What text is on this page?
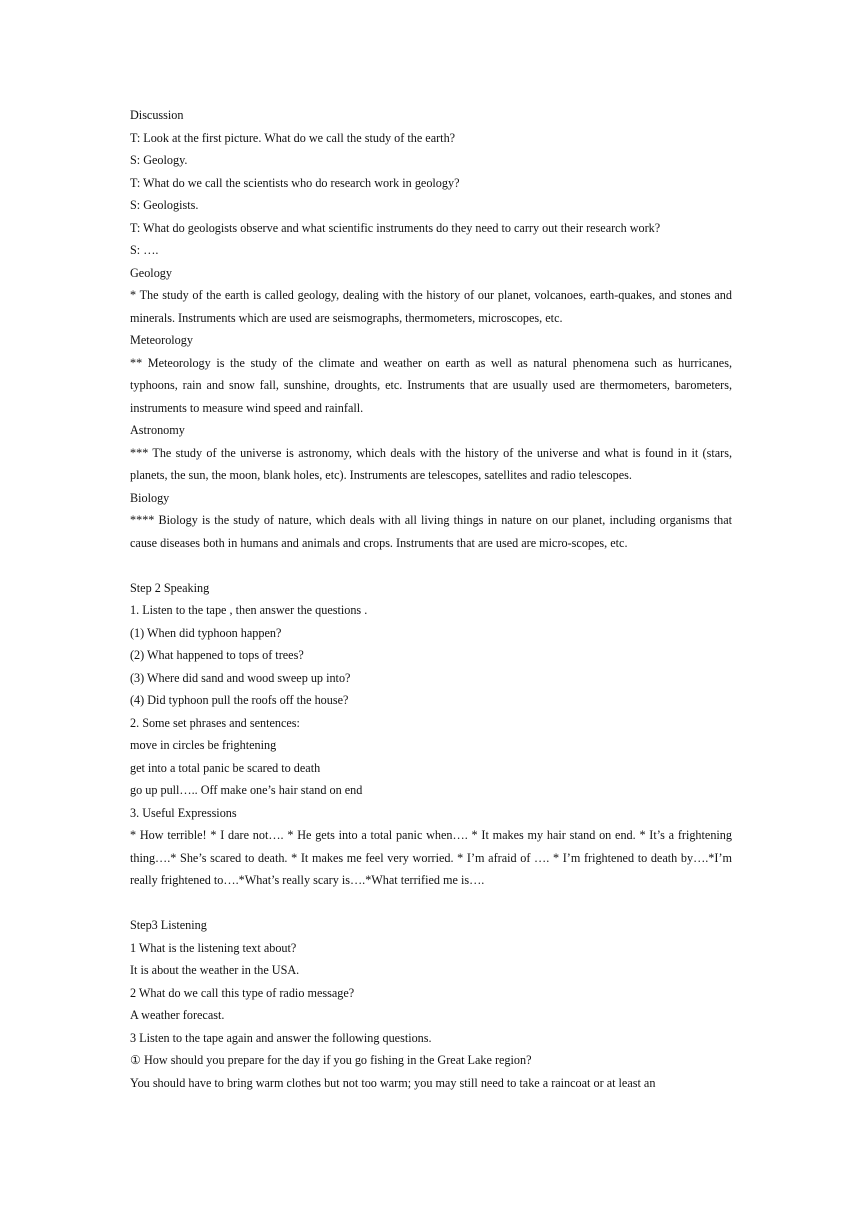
Discussion
T: Look at the first picture. What do we call the study of the earth?
S: Geology.
T: What do we call the scientists who do research work in geology?
S: Geologists.
T: What do geologists observe and what scientific instruments do they need to carry out their research work?
S: ….
Geology
* The study of the earth is called geology, dealing with the history of our planet, volcanoes, earth-quakes, and stones and minerals. Instruments which are used are seismographs, thermometers, microscopes, etc.
Meteorology
** Meteorology is the study of the climate and weather on earth as well as natural phenomena such as hurricanes, typhoons, rain and snow fall, sunshine, droughts, etc. Instruments that are usually used are thermometers, barometers, instruments to measure wind speed and rainfall.
Astronomy
*** The study of the universe is astronomy, which deals with the history of the universe and what is found in it (stars, planets, the sun, the moon, blank holes, etc). Instruments are telescopes, satellites and radio telescopes.
Biology
**** Biology is the study of nature, which deals with all living things in nature on our planet, including organisms that cause diseases both in humans and animals and crops. Instruments that are used are micro-scopes, etc.
Step 2 Speaking
1. Listen to the tape , then answer the questions .
(1) When did typhoon happen?
(2) What happened to tops of trees?
(3) Where did sand and wood sweep up into?
(4) Did typhoon pull the roofs off the house?
2. Some set phrases and sentences:
move in circles be frightening
get into a total panic be scared to death
go up pull….. Off make one’s hair stand on end
3. Useful Expressions
* How terrible! * I dare not…. * He gets into a total panic when…. * It makes my hair stand on end. * It’s a frightening thing….* She’s scared to death. * It makes me feel very worried. * I’m afraid of …. * I’m frightened to death by….*I’m really frightened to….*What’s really scary is….*What terrified me is….
Step3 Listening
1 What is the listening text about?
It is about the weather in the USA.
2 What do we call this type of radio message?
A weather forecast.
3 Listen to the tape again and answer the following questions.
① How should you prepare for the day if you go fishing in the Great Lake region?
You should have to bring warm clothes but not too warm; you may still need to take a raincoat or at least an
